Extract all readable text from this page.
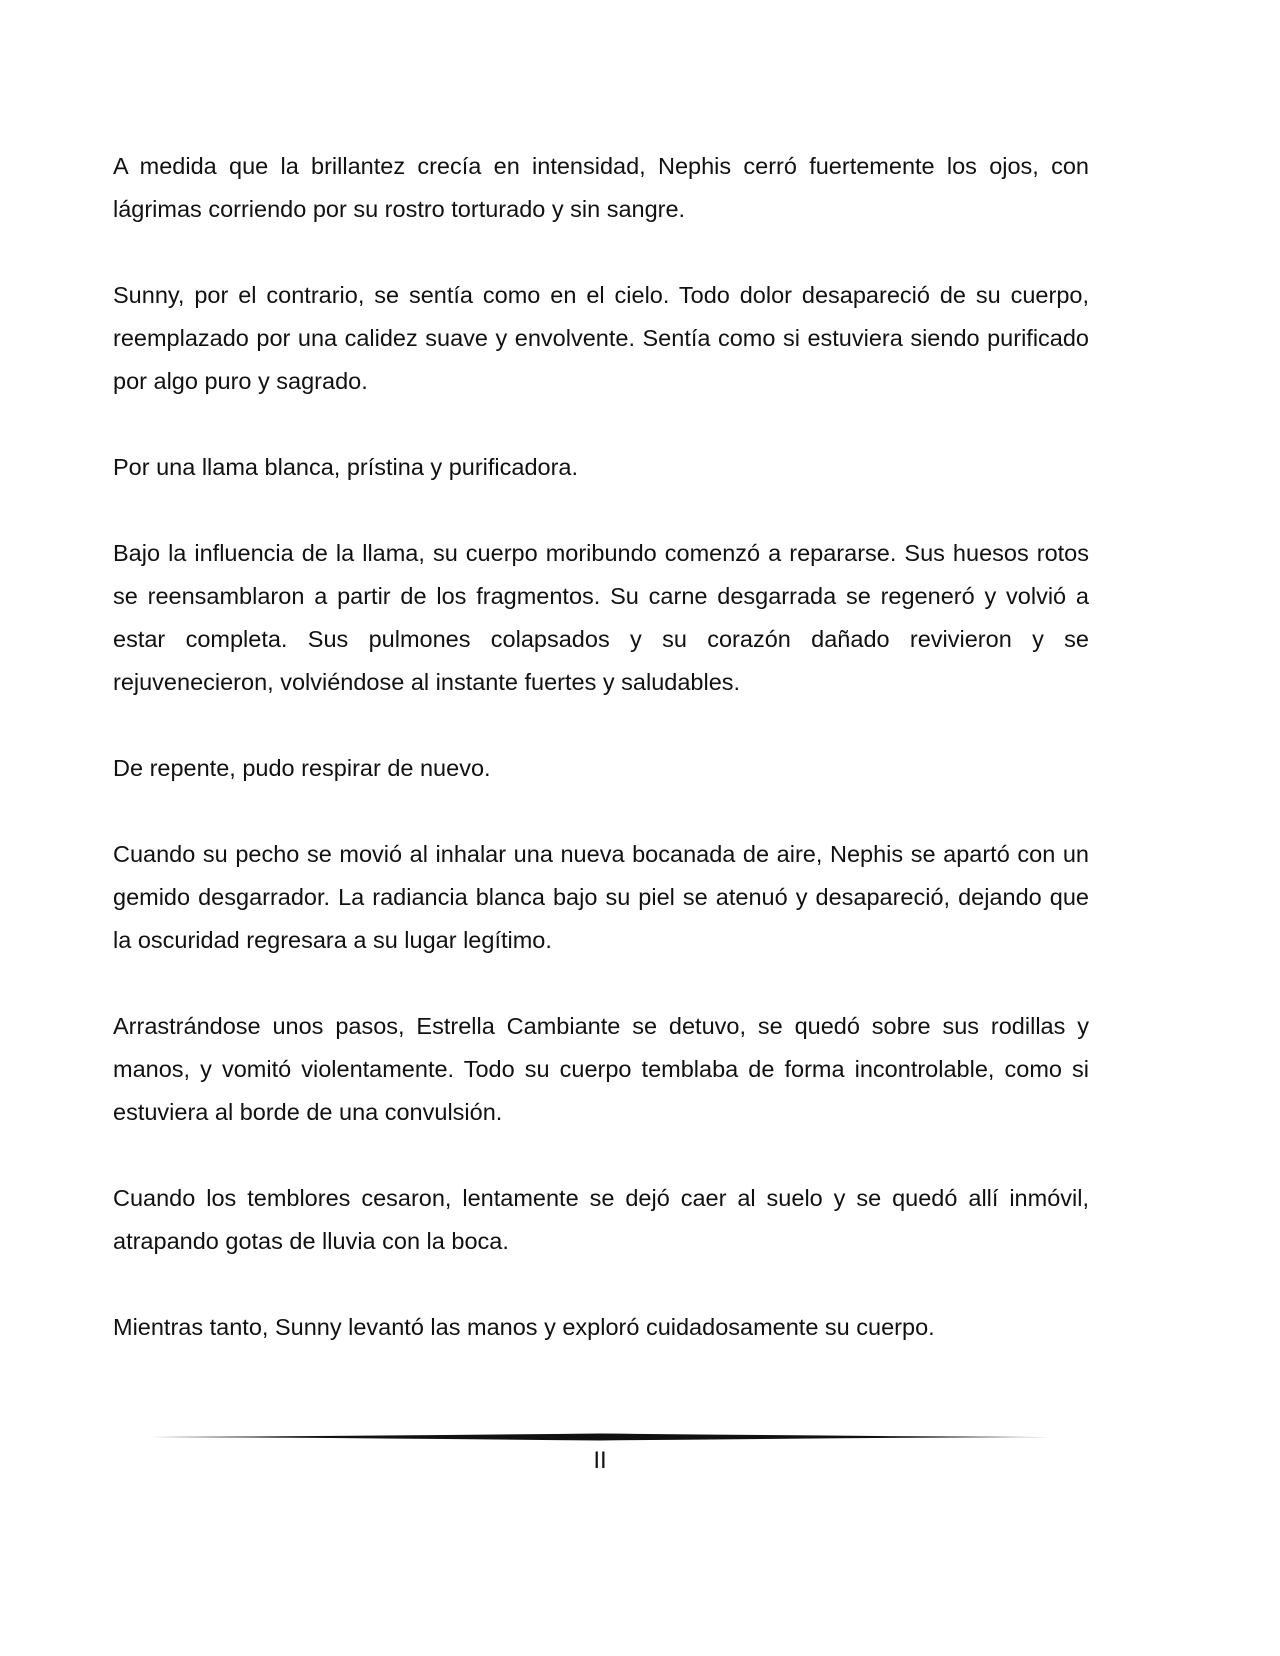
A medida que la brillantez crecía en intensidad, Nephis cerró fuertemente los ojos, con lágrimas corriendo por su rostro torturado y sin sangre.

Sunny, por el contrario, se sentía como en el cielo. Todo dolor desapareció de su cuerpo, reemplazado por una calidez suave y envolvente. Sentía como si estuviera siendo purificado por algo puro y sagrado.

Por una llama blanca, prístina y purificadora.

Bajo la influencia de la llama, su cuerpo moribundo comenzó a repararse. Sus huesos rotos se reensamblaron a partir de los fragmentos. Su carne desgarrada se regeneró y volvió a estar completa. Sus pulmones colapsados y su corazón dañado revivieron y se rejuvenecieron, volviéndose al instante fuertes y saludables.

De repente, pudo respirar de nuevo.

Cuando su pecho se movió al inhalar una nueva bocanada de aire, Nephis se apartó con un gemido desgarrador. La radiancia blanca bajo su piel se atenuó y desapareció, dejando que la oscuridad regresara a su lugar legítimo.

Arrastrándose unos pasos, Estrella Cambiante se detuvo, se quedó sobre sus rodillas y manos, y vomitó violentamente. Todo su cuerpo temblaba de forma incontrolable, como si estuviera al borde de una convulsión.

Cuando los temblores cesaron, lentamente se dejó caer al suelo y se quedó allí inmóvil, atrapando gotas de lluvia con la boca.

Mientras tanto, Sunny levantó las manos y exploró cuidadosamente su cuerpo.

II
